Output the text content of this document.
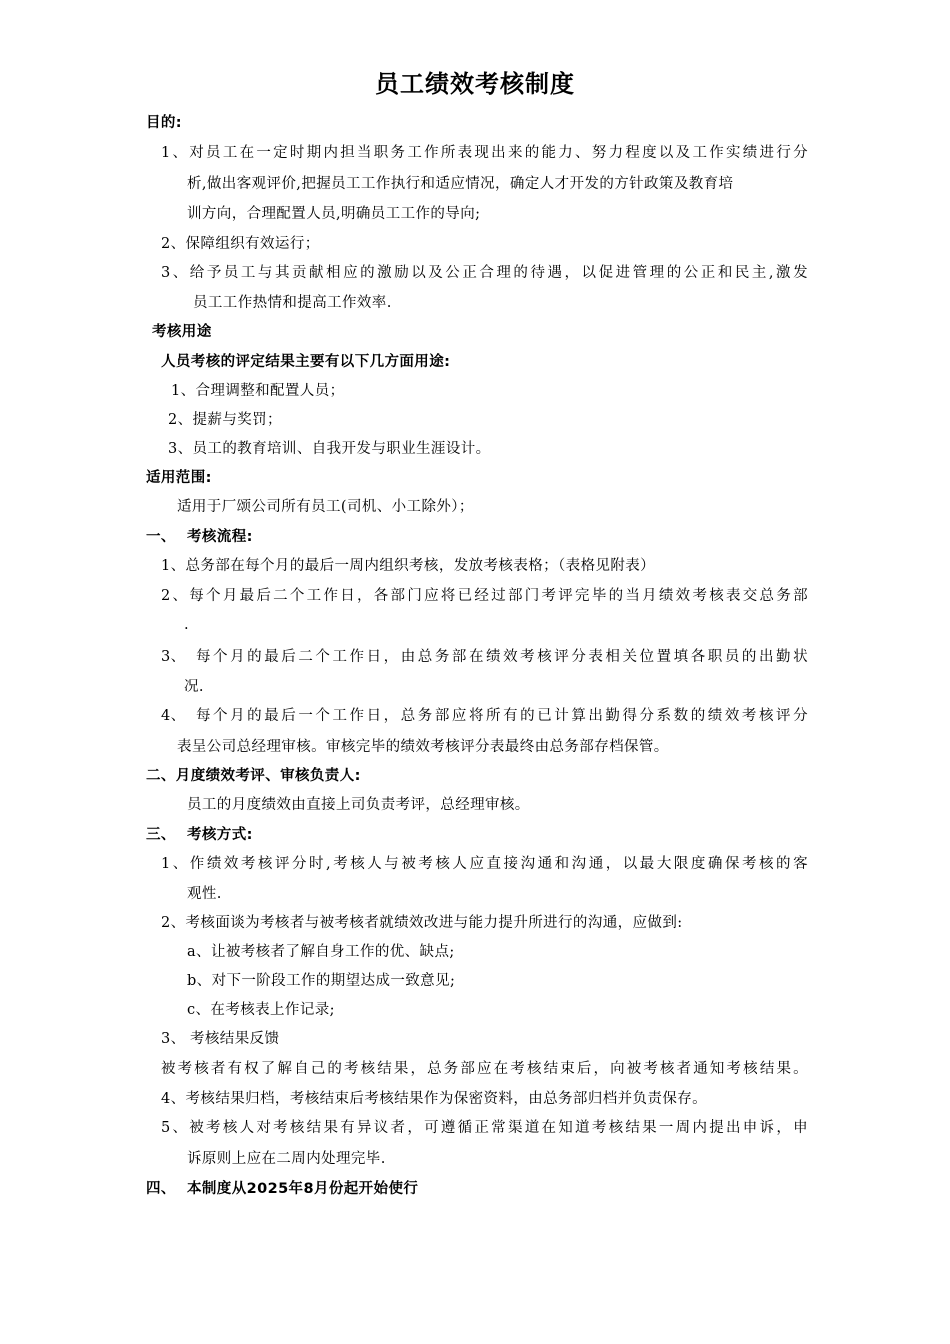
员工绩效考核制度
目的:
1、对员工在一定时期内担当职务工作所表现出来的能力、努力程度以及工作实绩进行分
析,做出客观评价,把握员工工作执行和适应情况，确定人才开发的方针政策及教育培
训方向，合理配置人员,明确员工工作的导向;
2、保障组织有效运行；
3、给予员工与其贡献相应的激励以及公正合理的待遇，以促进管理的公正和民主,激发
员工工作热情和提高工作效率.
考核用途
人员考核的评定结果主要有以下几方面用途:
1、合理调整和配置人员；
2、提薪与奖罚；
3、员工的教育培训、自我开发与职业生涯设计。
适用范围:
适用于厂颂公司所有员工(司机、小工除外）；
一、 考核流程:
1、总务部在每个月的最后一周内组织考核，发放考核表格；（表格见附表）
2、每个月最后二个工作日，各部门应将已经过部门考评完毕的当月绩效考核表交总务部
.
3、 每个月的最后二个工作日，由总务部在绩效考核评分表相关位置填各职员的出勤状
况.
4、 每个月的最后一个工作日，总务部应将所有的已计算出勤得分系数的绩效考核评分
表呈公司总经理审核。审核完毕的绩效考核评分表最终由总务部存档保管。
二、月度绩效考评、审核负责人:
员工的月度绩效由直接上司负责考评，总经理审核。
三、 考核方式:
1、作绩效考核评分时,考核人与被考核人应直接沟通和沟通，以最大限度确保考核的客
观性.
2、考核面谈为考核者与被考核者就绩效改进与能力提升所进行的沟通，应做到:
a、让被考核者了解自身工作的优、缺点;
b、对下一阶段工作的期望达成一致意见;
c、在考核表上作记录;
3、 考核结果反馈
被考核者有权了解自己的考核结果，总务部应在考核结束后，向被考核者通知考核结果。
4、考核结果归档，考核结束后考核结果作为保密资料，由总务部归档并负责保存。
5、被考核人对考核结果有异议者，可遵循正常渠道在知道考核结果一周内提出申诉，申
诉原则上应在二周内处理完毕.
四、 本制度从2025年8月份起开始使行
